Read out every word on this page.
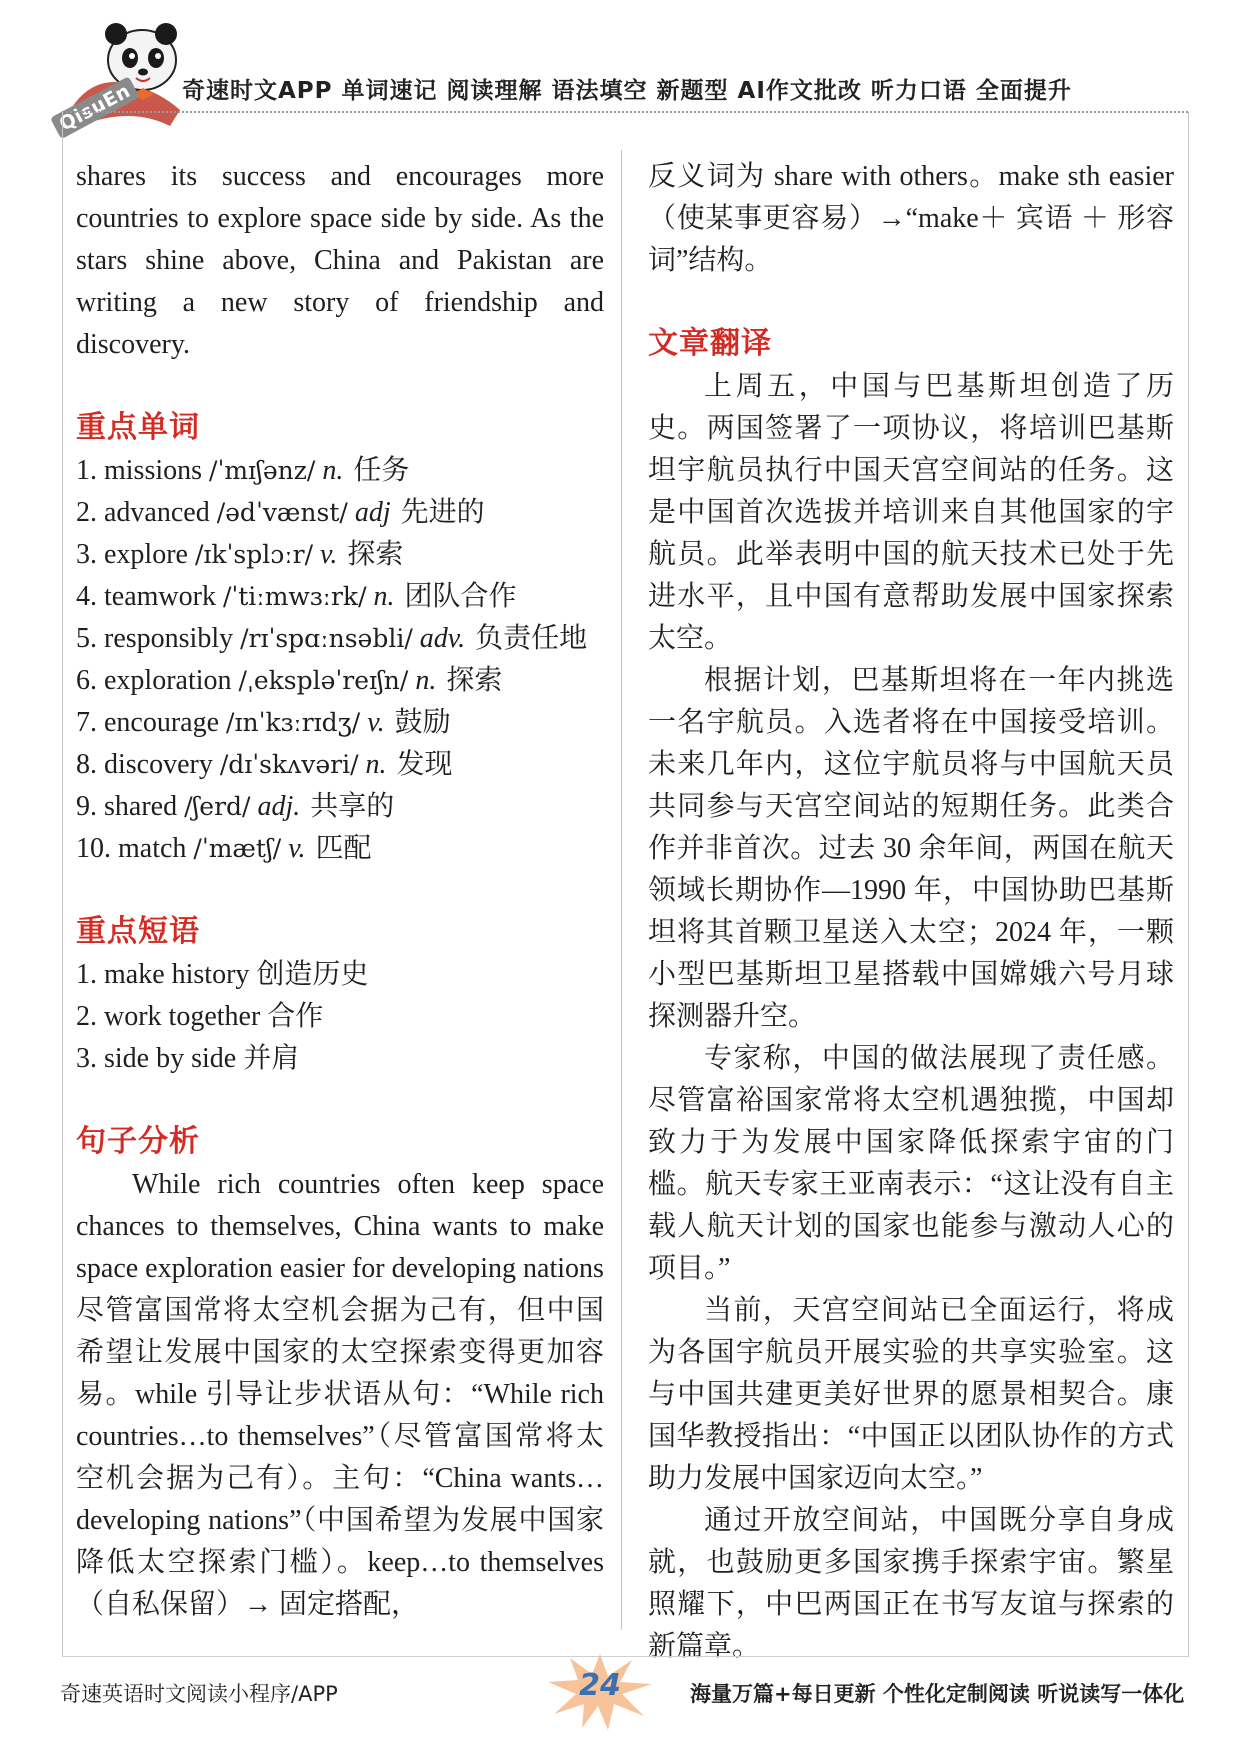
QisuEn 奇速时文APP 单词速记 阅读理解 语法填空 新题型 AI作文批改 听力口语 全面提升

shares its success and encourages more countries to explore space side by side. As the stars shine above, China and Pakistan are writing a new story of friendship and discovery.

重点单词
1. missions /ˈmɪʃənz/ n. 任务
2. advanced /ədˈvænst/ adj 先进的
3. explore /ɪkˈsplɔːr/ v. 探索
4. teamwork /ˈtiːmwɜːrk/ n. 团队合作
5. responsibly /rɪˈspɑːnsəbli/ adv. 负责任地
6. exploration /ˌekspləˈreɪʃn/ n. 探索
7. encourage /ɪnˈkɜːrɪdʒ/ v. 鼓励
8. discovery /dɪˈskʌvəri/ n. 发现
9. shared /ʃerd/ adj. 共享的
10. match /ˈmætʃ/ v. 匹配
重点短语
1. make history 创造历史
2. work together 合作
3. side by side 并肩
句子分析

While rich countries often keep space chances to themselves, China wants to make space exploration easier for developing nations

尽管富国常将太空机会据为己有，但中国希望让发展中国家的太空探索变得更加容易。while 引导让步状语从句：“While rich countries…to themselves”（尽管富国常将太空机会据为己有）。主句：“China wants…developing nations”（中国希望为发展中国家降低太空探索门槛）。keep…to themselves（自私保留）→ 固定搭配，

反义词为 share with others。make sth easier（使某事更容易）→“make＋ 宾语 ＋ 形容词”结构。

文章翻译

上周五，中国与巴基斯坦创造了历史。两国签署了一项协议，将培训巴基斯坦宇航员执行中国天宫空间站的任务。这是中国首次选拔并培训来自其他国家的宇航员。此举表明中国的航天技术已处于先进水平，且中国有意帮助发展中国家探索太空。

根据计划，巴基斯坦将在一年内挑选一名宇航员。入选者将在中国接受培训。未来几年内，这位宇航员将与中国航天员共同参与天宫空间站的短期任务。此类合作并非首次。过去 30 余年间，两国在航天领域长期协作—1990 年，中国协助巴基斯坦将其首颗卫星送入太空；2024 年，一颗小型巴基斯坦卫星搭载中国嫦娥六号月球探测器升空。

专家称，中国的做法展现了责任感。尽管富裕国家常将太空机遇独揽，中国却致力于为发展中国家降低探索宇宙的门槛。航天专家王亚南表示：“这让没有自主载人航天计划的国家也能参与激动人心的项目。”

当前，天宫空间站已全面运行，将成为各国宇航员开展实验的共享实验室。这与中国共建更美好世界的愿景相契合。康国华教授指出：“中国正以团队协作的方式助力发展中国家迈向太空。”

通过开放空间站，中国既分享自身成就，也鼓励更多国家携手探索宇宙。繁星照耀下，中巴两国正在书写友谊与探索的新篇章。

奇速英语时文阅读小程序/APP	24	海量万篇+每日更新 个性化定制阅读 听说读写一体化
